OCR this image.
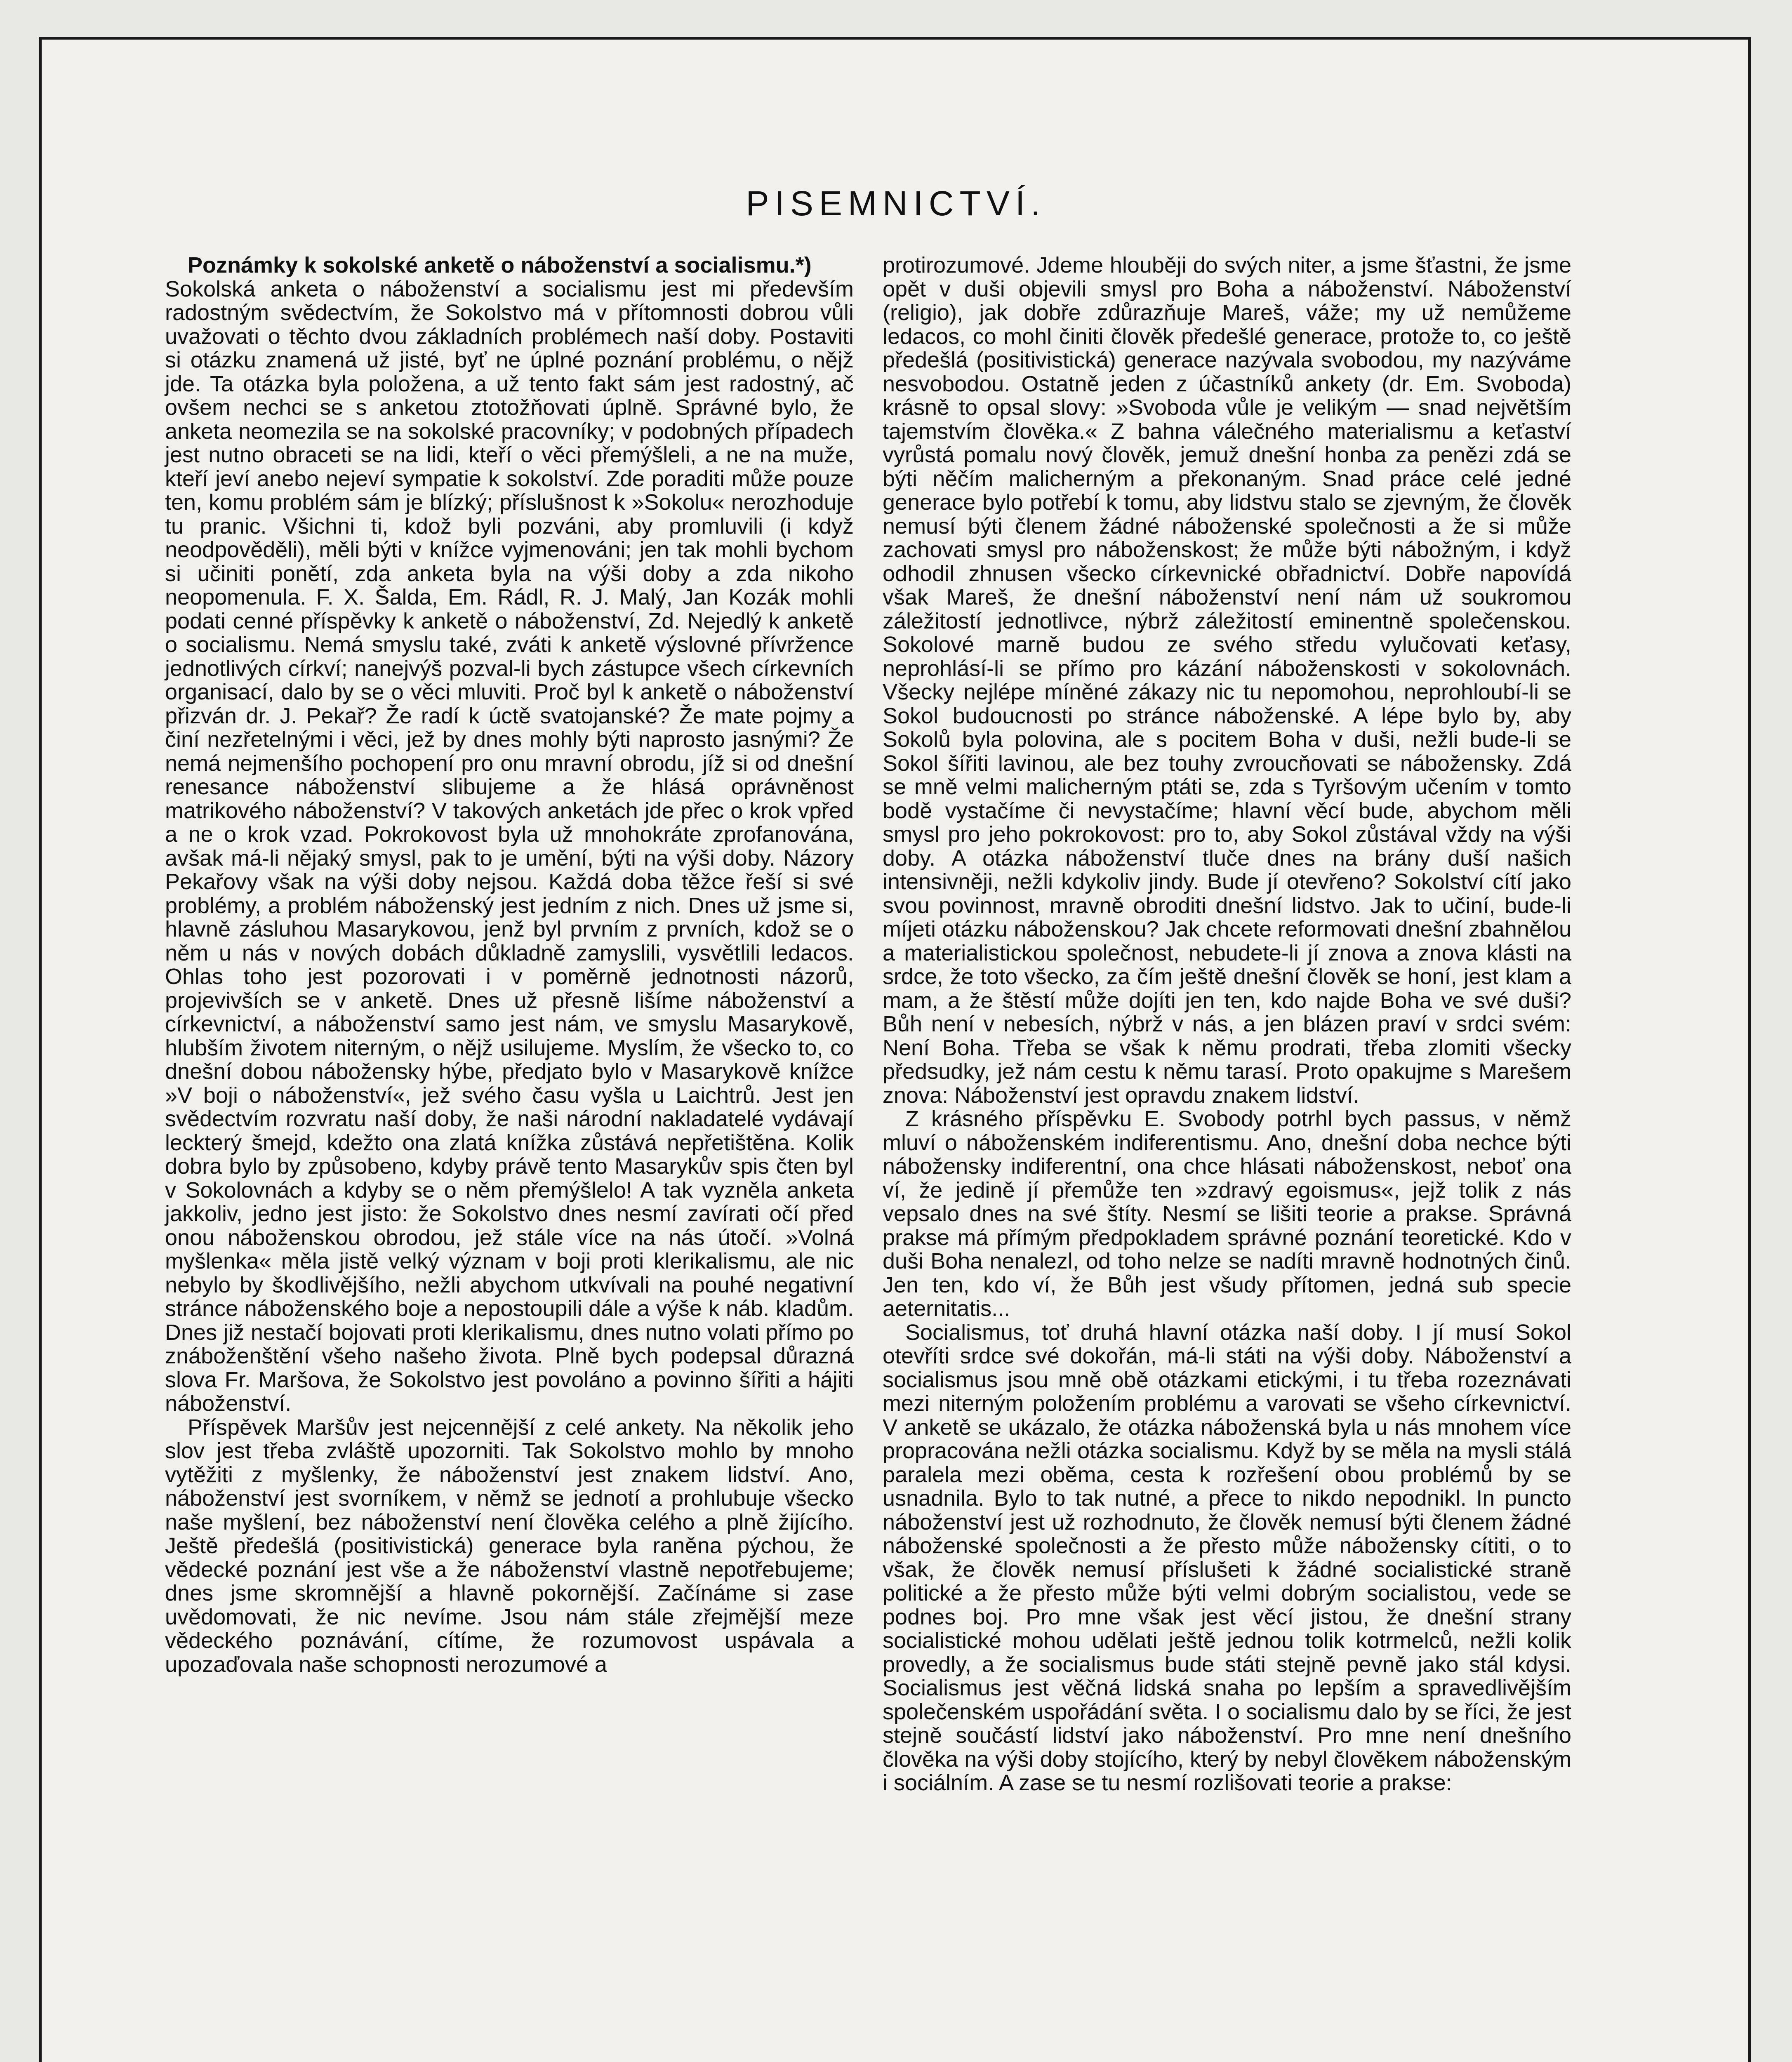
PISEMNICTVÍ.

Poznámky k sokolské anketě o náboženství a socialismu.*)

Sokolská anketa o náboženství a socialismu jest mi především radostným svědectvím, že Sokolstvo má v přítomnosti dobrou vůli uvažovati o těchto dvou základních problémech naší doby. Postaviti si otázku znamená už jisté, byť ne úplné poznání problému, o nějž jde. Ta otázka byla položena, a už tento fakt sám jest radostný, ač ovšem nechci se s anketou ztotožňovati úplně. Správné bylo, že anketa neomezila se na sokolské pracovníky; v podobných případech jest nutno obraceti se na lidi, kteří o věci přemýšleli, a ne na muže, kteří jeví anebo nejeví sympatie k sokolství. Zde poraditi může pouze ten, komu problém sám je blízký; příslušnost k »Sokolu« nerozhoduje tu pranic. Všichni ti, kdož byli pozváni, aby promluvili (i když neodpověděli), měli býti v knížce vyjmenováni; jen tak mohli bychom si učiniti ponětí, zda anketa byla na výši doby a zda nikoho neopomenula. F. X. Šalda, Em. Rádl, R. J. Malý, Jan Kozák mohli podati cenné příspěvky k anketě o náboženství, Zd. Nejedlý k anketě o socialismu. Nemá smyslu také, zváti k anketě výslovné přívržence jednotlivých církví; nanejvýš pozval-li bych zástupce všech církevních organisací, dalo by se o věci mluviti. Proč byl k anketě o náboženství přizván dr. J. Pekař? Že radí k úctě svatojanské? Že mate pojmy a činí nezřetelnými i věci, jež by dnes mohly býti naprosto jasnými? Že nemá nejmenšího pochopení pro onu mravní obrodu, jíž si od dnešní renesance náboženství slibujeme a že hlásá oprávněnost matrikového náboženství? V takových anketách jde přec o krok vpřed a ne o krok vzad. Pokrokovost byla už mnohokráte zprofanována, avšak má-li nějaký smysl, pak to je umění, býti na výši doby. Názory Pekařovy však na výši doby nejsou. Každá doba těžce řeší si své problémy, a problém náboženský jest jedním z nich. Dnes už jsme si, hlavně zásluhou Masarykovou, jenž byl prvním z prvních, kdož se o něm u nás v nových dobách důkladně zamyslili, vysvětlili ledacos. Ohlas toho jest pozorovati i v poměrně jednotnosti názorů, projevivších se v anketě. Dnes už přesně lišíme náboženství a církevnictví, a náboženství samo jest nám, ve smyslu Masarykově, hlubším životem niterným, o nějž usilujeme. Myslím, že všecko to, co dnešní dobou nábožensky hýbe, předjato bylo v Masarykově knížce »V boji o náboženství«, jež svého času vyšla u Laichtrů. Jest jen svědectvím rozvratu naší doby, že naši národní nakladatelé vydávají leckterý šmejd, kdežto ona zlatá knížka zůstává nepřetištěna. Kolik dobra bylo by způsobeno, kdyby právě tento Masarykův spis čten byl v Sokolovnách a kdyby se o něm přemýšlelo! A tak vyzněla anketa jakkoliv, jedno jest jisto: že Sokolstvo dnes nesmí zavírati očí před onou náboženskou obrodou, jež stále více na nás útočí. »Volná myšlenka« měla jistě velký význam v boji proti klerikalismu, ale nic nebylo by škodlivějšího, nežli abychom utkvívali na pouhé negativní stránce náboženského boje a nepostoupili dále a výše k náb. kladům. Dnes již nestačí bojovati proti klerikalismu, dnes nutno volati přímo po znáboženštění všeho našeho života. Plně bych podepsal důrazná slova Fr. Maršova, že Sokolstvo jest povoláno a povinno šířiti a hájiti náboženství.

Příspěvek Maršův jest nejcennější z celé ankety. Na několik jeho slov jest třeba zvláště upozorniti. Tak Sokolstvo mohlo by mnoho vytěžiti z myšlenky, že náboženství jest znakem lidství. Ano, náboženství jest svorníkem, v němž se jednotí a prohlubuje všecko naše myšlení, bez náboženství není člověka celého a plně žijícího. Ještě předešlá (positivistická) generace byla raněna pýchou, že vědecké poznání jest vše a že náboženství vlastně nepotřebujeme; dnes jsme skromnější a hlavně pokornější. Začínáme si zase uvědomovati, že nic nevíme. Jsou nám stále zřejmější meze vědeckého poznávání, cítíme, že rozumovost uspávala a upozaďovala naše schopnosti nerozumové a

protirozumové. Jdeme hlouběji do svých niter, a jsme šťastni, že jsme opět v duši objevili smysl pro Boha a náboženství. Náboženství (religio), jak dobře zdůrazňuje Mareš, váže; my už nemůžeme ledacos, co mohl činiti člověk předešlé generace, protože to, co ještě předešlá (positivistická) generace nazývala svobodou, my nazýváme nesvobodou. Ostatně jeden z účastníků ankety (dr. Em. Svoboda) krásně to opsal slovy: »Svoboda vůle je velikým — snad největším tajemstvím člověka.« Z bahna válečného materialismu a keťaství vyrůstá pomalu nový člověk, jemuž dnešní honba za penězi zdá se býti něčím malicherným a překonaným. Snad práce celé jedné generace bylo potřebí k tomu, aby lidstvu stalo se zjevným, že člověk nemusí býti členem žádné náboženské společnosti a že si může zachovati smysl pro náboženskost; že může býti nábožným, i když odhodil zhnusen všecko církevnické obřadnictví. Dobře napovídá však Mareš, že dnešní náboženství není nám už soukromou záležitostí jednotlivce, nýbrž záležitostí eminentně společenskou. Sokolové marně budou ze svého středu vylučovati keťasy, neprohlásí-li se přímo pro kázání náboženskosti v sokolovnách. Všecky nejlépe míněné zákazy nic tu nepomohou, neprohloubí-li se Sokol budoucnosti po stránce náboženské. A lépe bylo by, aby Sokolů byla polovina, ale s pocitem Boha v duši, nežli bude-li se Sokol šířiti lavinou, ale bez touhy zvroucňovati se nábožensky. Zdá se mně velmi malicherným ptáti se, zda s Tyršovým učením v tomto bodě vystačíme či nevystačíme; hlavní věcí bude, abychom měli smysl pro jeho pokrokovost: pro to, aby Sokol zůstával vždy na výši doby. A otázka náboženství tluče dnes na brány duší našich intensivněji, nežli kdykoliv jindy. Bude jí otevřeno? Sokolství cítí jako svou povinnost, mravně obroditi dnešní lidstvo. Jak to učiní, bude-li míjeti otázku náboženskou? Jak chcete reformovati dnešní zbahnělou a materialistickou společnost, nebudete-li jí znova a znova klásti na srdce, že toto všecko, za čím ještě dnešní člověk se honí, jest klam a mam, a že štěstí může dojíti jen ten, kdo najde Boha ve své duši? Bůh není v nebesích, nýbrž v nás, a jen blázen praví v srdci svém: Není Boha. Třeba se však k němu prodrati, třeba zlomiti všecky předsudky, jež nám cestu k němu tarasí. Proto opakujme s Marešem znova: Náboženství jest opravdu znakem lidství.

Z krásného příspěvku E. Svobody potrhl bych passus, v němž mluví o náboženském indiferentismu. Ano, dnešní doba nechce býti nábožensky indiferentní, ona chce hlásati náboženskost, neboť ona ví, že jedině jí přemůže ten »zdravý egoismus«, jejž tolik z nás vepsalo dnes na své štíty. Nesmí se lišiti teorie a prakse. Správná prakse má přímým předpokladem správné poznání teoretické. Kdo v duši Boha nenalezl, od toho nelze se nadíti mravně hodnotných činů. Jen ten, kdo ví, že Bůh jest všudy přítomen, jedná sub specie aeternitatis...

Socialismus, toť druhá hlavní otázka naší doby. I jí musí Sokol otevříti srdce své dokořán, má-li státi na výši doby. Náboženství a socialismus jsou mně obě otázkami etickými, i tu třeba rozeznávati mezi niterným položením problému a varovati se všeho církevnictví. V anketě se ukázalo, že otázka náboženská byla u nás mnohem více propracována nežli otázka socialismu. Když by se měla na mysli stálá paralela mezi oběma, cesta k rozřešení obou problémů by se usnadnila. Bylo to tak nutné, a přece to nikdo nepodnikl. In puncto náboženství jest už rozhodnuto, že člověk nemusí býti členem žádné náboženské společnosti a že přesto může nábožensky cítiti, o to však, že člověk nemusí příslušeti k žádné socialistické straně politické a že přesto může býti velmi dobrým socialistou, vede se podnes boj. Pro mne však jest věcí jistou, že dnešní strany socialistické mohou udělati ještě jednou tolik kotrmelců, nežli kolik provedly, a že socialismus bude státi stejně pevně jako stál kdysi. Socialismus jest věčná lidská snaha po lepším a spravedlivějším společenském uspořádání světa. I o socialismu dalo by se říci, že jest stejně součástí lidství jako náboženství. Pro mne není dnešního člověka na výši doby stojícího, který by nebyl člověkem náboženským i sociálním. A zase se tu nesmí rozlišovati teorie a prakse:
